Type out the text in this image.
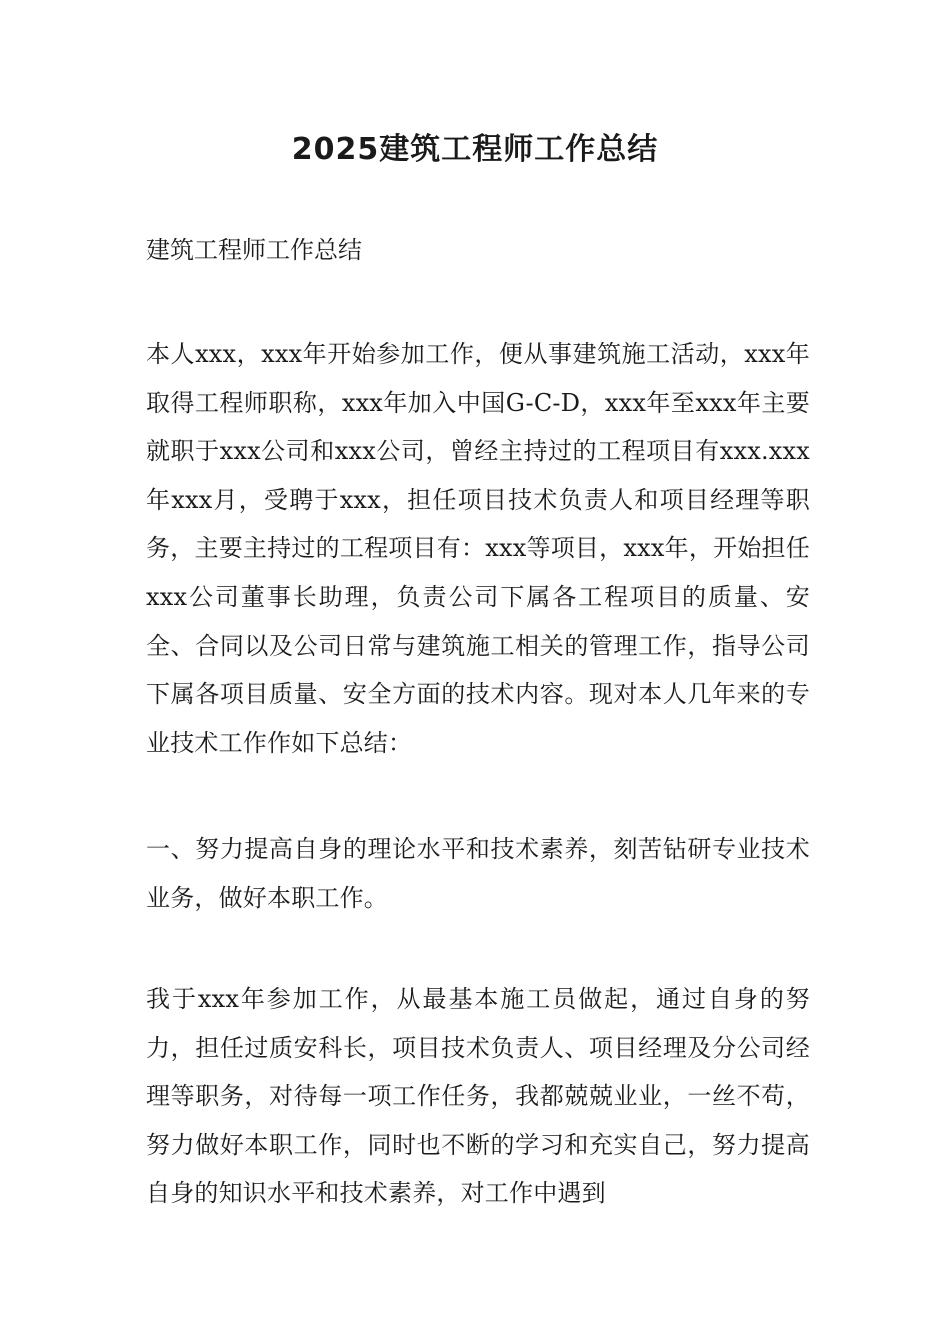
2025建筑工程师工作总结
建筑工程师工作总结
本人xxx，xxx年开始参加工作，便从事建筑施工活动，xxx年取得工程师职称，xxx年加入中国G-C-D，xxx年至xxx年主要就职于xxx公司和xxx公司，曾经主持过的工程项目有xxx.xxx年xxx月，受聘于xxx，担任项目技术负责人和项目经理等职务，主要主持过的工程项目有：xxx等项目，xxx年，开始担任xxx公司董事长助理，负责公司下属各工程项目的质量、安全、合同以及公司日常与建筑施工相关的管理工作，指导公司下属各项目质量、安全方面的技术内容。现对本人几年来的专业技术工作作如下总结：
一、努力提高自身的理论水平和技术素养，刻苦钻研专业技术业务，做好本职工作。
我于xxx年参加工作，从最基本施工员做起，通过自身的努力，担任过质安科长，项目技术负责人、项目经理及分公司经理等职务，对待每一项工作任务，我都兢兢业业，一丝不苟，努力做好本职工作，同时也不断的学习和充实自己，努力提高自身的知识水平和技术素养，对工作中遇到
